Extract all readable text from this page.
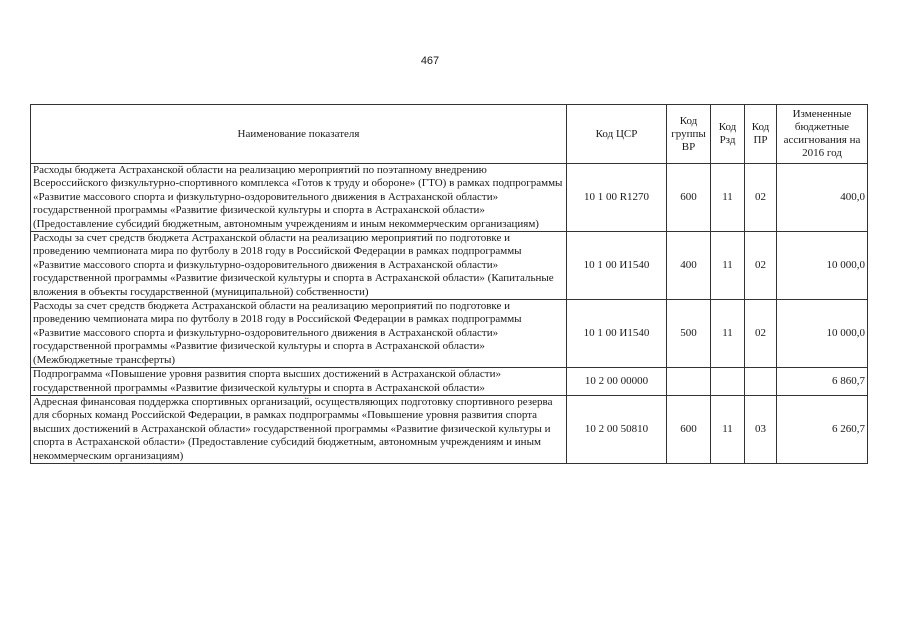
467
Наименование показателя	Код ЦСР	Код группы ВР	Код Рзд	Код ПР	Измененные бюджетные ассигнования на 2016 год
Расходы бюджета Астраханской области на реализацию мероприятий по поэтапному внедрению Всероссийского физкультурно-спортивного комплекса «Готов к труду и обороне» (ГТО) в рамках подпрограммы «Развитие массового спорта и физкультурно-оздоровительного движения в Астраханской области» государственной программы «Развитие физической культуры и спорта в Астраханской области» (Предоставление субсидий бюджетным, автономным учреждениям и иным некоммерческим организациям)	10 1 00 R1270	600	11	02	400,0
Расходы за счет средств бюджета Астраханской области на реализацию мероприятий по подготовке и проведению чемпионата мира по футболу в 2018 году в Российской Федерации в рамках подпрограммы «Развитие массового спорта и физкультурно-оздоровительного движения в Астраханской области» государственной программы «Развитие физической культуры и спорта в Астраханской области» (Капитальные вложения в объекты государственной (муниципальной) собственности)	10 1 00 И1540	400	11	02	10 000,0
Расходы за счет средств бюджета Астраханской области на реализацию мероприятий по подготовке и проведению чемпионата мира по футболу в 2018 году в Российской Федерации в рамках подпрограммы «Развитие массового спорта и физкультурно-оздоровительного движения в Астраханской области» государственной программы «Развитие физической культуры и спорта в Астраханской области» (Межбюджетные трансферты)	10 1 00 И1540	500	11	02	10 000,0
Подпрограмма «Повышение уровня развития спорта высших достижений в Астраханской области» государственной программы «Развитие физической культуры и спорта в Астраханской области»	10 2 00 00000				6 860,7
Адресная финансовая поддержка спортивных организаций, осуществляющих подготовку спортивного резерва для сборных команд Российской Федерации, в рамках подпрограммы «Повышение уровня развития спорта высших достижений в Астраханской области» государственной программы «Развитие физической культуры и спорта в Астраханской области» (Предоставление субсидий бюджетным, автономным учреждениям и иным некоммерческим организациям)	10 2 00 50810	600	11	03	6 260,7
